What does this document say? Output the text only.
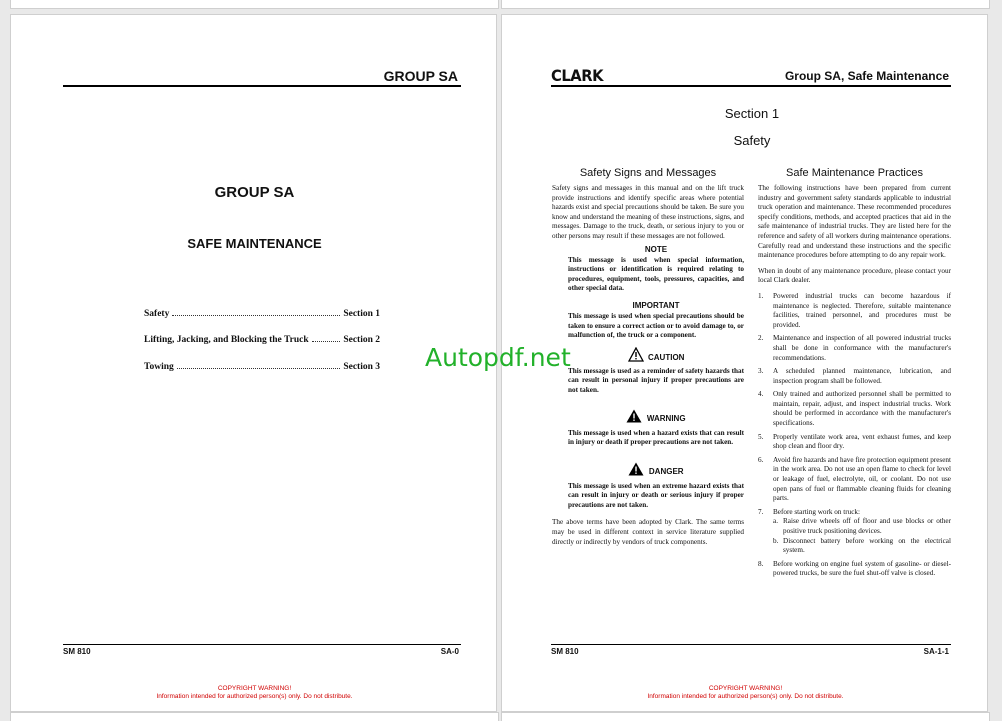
GROUP SA
GROUP SA
SAFE MAINTENANCE
Safety	Section 1
Lifting, Jacking, and Blocking the Truck	Section 2
Towing	Section 3
SM 810	SA-0
COPYRIGHT WARNING!
Information intended for authorized person(s) only. Do not distribute.
CLARK	Group SA, Safe Maintenance
Section 1
Safety
Safety Signs and Messages
Safety signs and messages in this manual and on the lift truck provide instructions and identify specific areas where potential hazards exist and special precautions should be taken. Be sure you know and understand the meaning of these instructions, signs, and messages. Damage to the truck, death, or serious injury to you or other persons may result if these messages are not followed.
NOTE
This message is used when special information, instructions or identification is required relating to procedures, equipment, tools, pressures, capacities, and other special data.
IMPORTANT
This message is used when special precautions should be taken to ensure a correct action or to avoid damage to, or malfunction of, the truck or a component.
CAUTION
This message is used as a reminder of safety hazards that can result in personal injury if proper precautions are not taken.
WARNING
This message is used when a hazard exists that can result in injury or death if proper precautions are not taken.
DANGER
This message is used when an extreme hazard exists that can result in injury or death or serious injury if proper precautions are not taken.
The above terms have been adopted by Clark. The same terms may be used in different context in service literature supplied directly or indirectly by vendors of truck components.
Safe Maintenance Practices
The following instructions have been prepared from current industry and government safety standards applicable to industrial truck operation and maintenance. These recommended procedures specify conditions, methods, and accepted practices that aid in the safe maintenance of industrial trucks. They are listed here for the reference and safety of all workers during maintenance operations. Carefully read and understand these instructions and the specific maintenance procedures before attempting to do any repair work.
When in doubt of any maintenance procedure, please contact your local Clark dealer.
1. Powered industrial trucks can become hazardous if maintenance is neglected. Therefore, suitable maintenance facilities, trained personnel, and procedures must be provided.
2. Maintenance and inspection of all powered industrial trucks shall be done in conformance with the manufacturer's recommendations.
3. A scheduled planned maintenance, lubrication, and inspection program shall be followed.
4. Only trained and authorized personnel shall be permitted to maintain, repair, adjust, and inspect industrial trucks. Work should be performed in accordance with the manufacturer's specifications.
5. Properly ventilate work area, vent exhaust fumes, and keep shop clean and floor dry.
6. Avoid fire hazards and have fire protection equipment present in the work area. Do not use an open flame to check for level or leakage of fuel, electrolyte, oil, or coolant. Do not use open pans of fuel or flammable cleaning fluids for cleaning parts.
7. Before starting work on truck:
a. Raise drive wheels off of floor and use blocks or other positive truck positioning devices.
b. Disconnect battery before working on the electrical system.
8. Before working on engine fuel system of gasoline- or diesel-powered trucks, be sure the fuel shut-off valve is closed.
SM 810	SA-1-1
COPYRIGHT WARNING!
Information intended for authorized person(s) only. Do not distribute.
Autopdf.net
